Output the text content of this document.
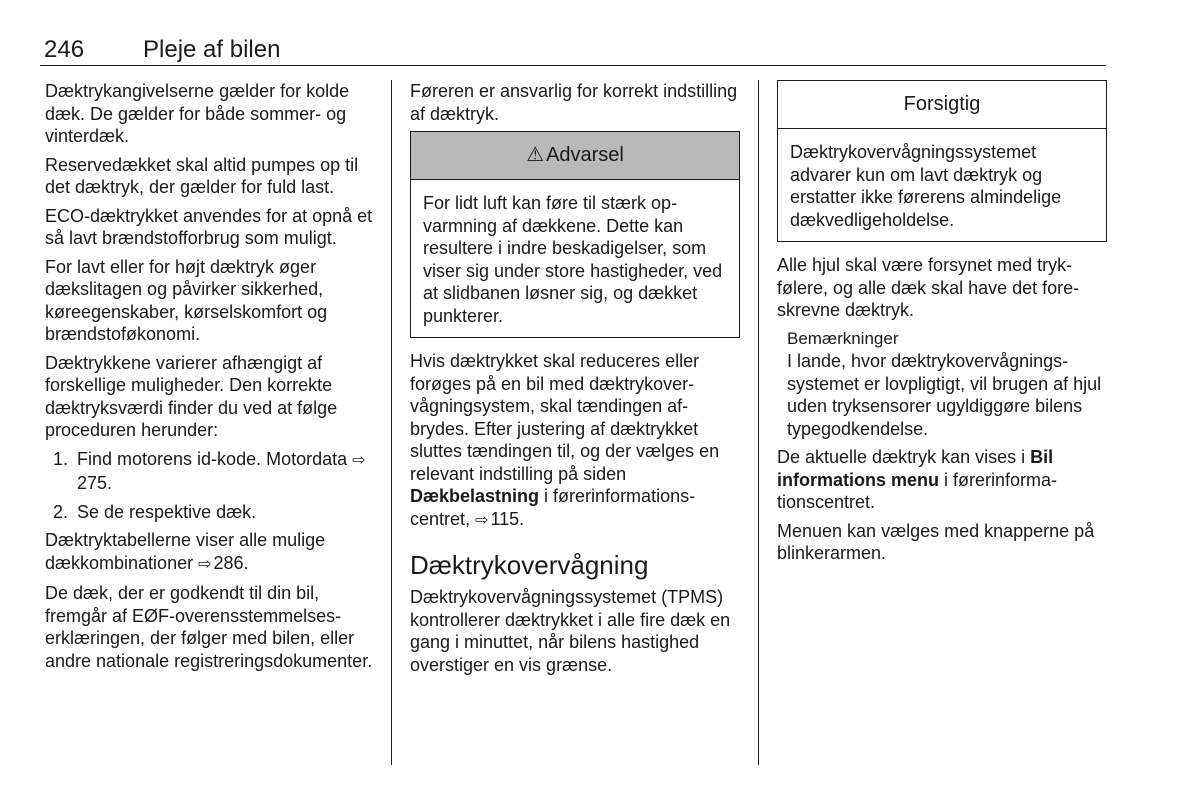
246 Pleje af bilen

Dæktrykangivelserne gælder for kolde dæk. De gælder for både sommer- og vinterdæk.

Reservedækket skal altid pumpes op til det dæktryk, der gælder for fuld last.

ECO-dæktrykket anvendes for at opnå et så lavt brændstofforbrug som muligt.

For lavt eller for højt dæktryk øger dækslitagen og påvirker sikkerhed, køreegenskaber, kørselskomfort og brændstoføkonomi.

Dæktrykkene varierer afhængigt af forskellige muligheder. Den korrekte dæktryksværdi finder du ved at følge proceduren herunder:

1. Find motorens id-kode. Motordata ⇨275.
2. Se de respektive dæk.

Dæktryktabellerne viser alle mulige dækkombinationer ⇨ 286.

De dæk, der er godkendt til din bil, fremgår af EØF-overensstemmelseserklæringen, der følger med bilen, eller andre nationale registreringsdokumenter.

Føreren er ansvarlig for korrekt indstilling af dæktryk.

⚠ Advarsel
For lidt luft kan føre til stærk opvarmning af dækkene. Dette kan resultere i indre beskadigelser, som viser sig under store hastigheder, ved at slidbanen løsner sig, og dækket punkterer.

Hvis dæktrykket skal reduceres eller forøges på en bil med dæktrykovervågningsystem, skal tændingen afbrydes. Efter justering af dæktrykket sluttes tændingen til, og der vælges en relevant indstilling på siden Dækbelastning i førerinformationscentret, ⇨ 115.

Dæktrykovervågning

Dæktrykovervågningssystemet (TPMS) kontrollerer dæktrykket i alle fire dæk en gang i minuttet, når bilens hastighed overstiger en vis grænse.

Forsigtig
Dæktrykovervågningssystemet advarer kun om lavt dæktryk og erstatter ikke førerens almindelige dækvedligeholdelse.

Alle hjul skal være forsynet med trykfølere, og alle dæk skal have det foreskrevne dæktryk.

Bemærkninger
I lande, hvor dæktrykovervågningssystemet er lovpligtigt, vil brugen af hjul uden tryksensorer ugyldiggøre bilens typegodkendelse.

De aktuelle dæktryk kan vises i Bil informations menu i førerinformationscentret.

Menuen kan vælges med knapperne på blinkerarmen.
